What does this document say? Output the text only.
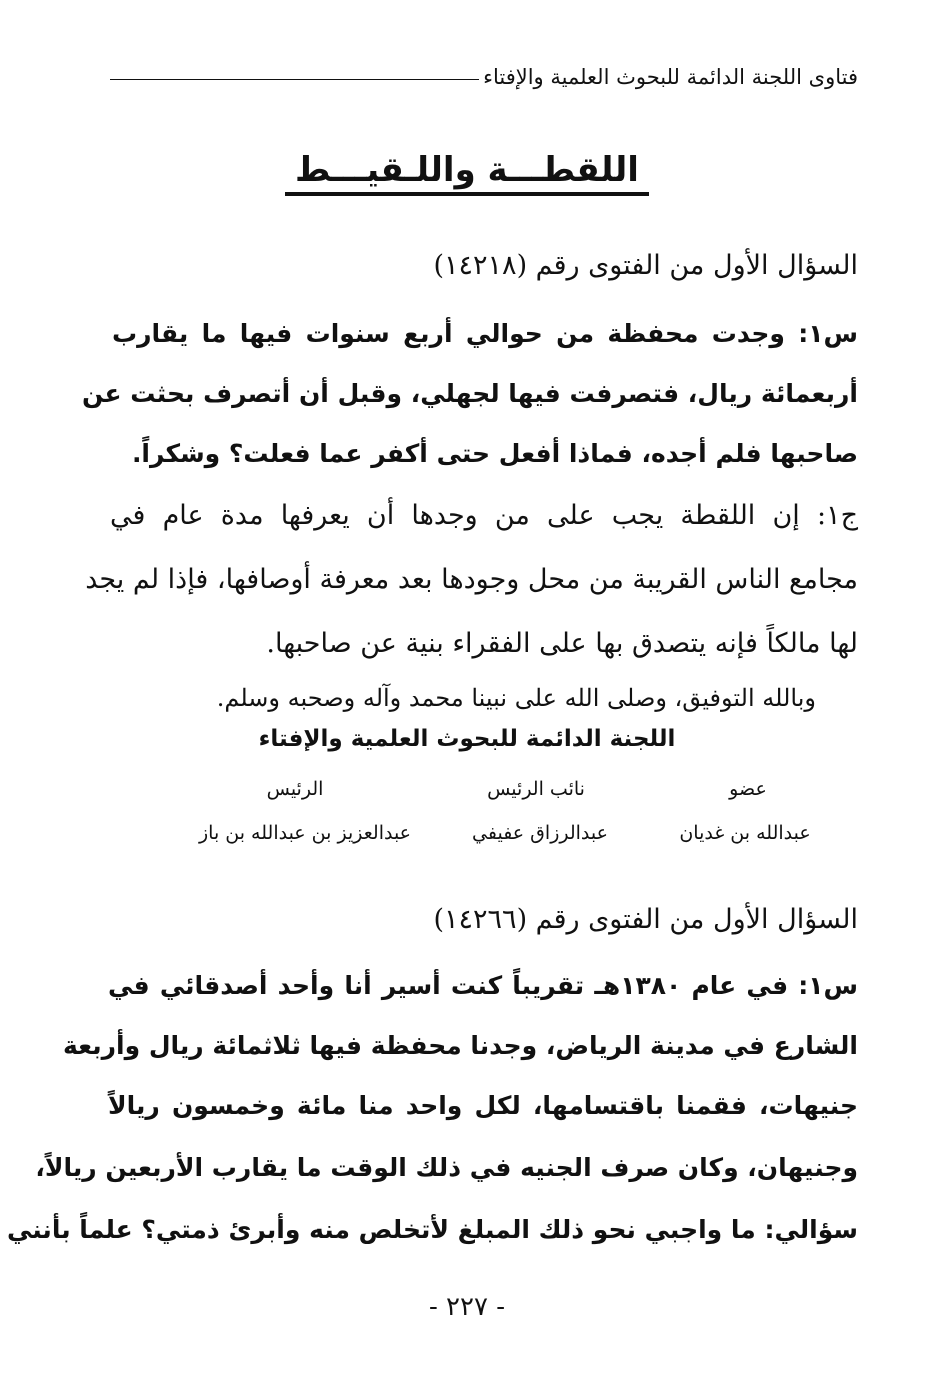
فتاوى اللجنة الدائمة للبحوث العلمية والإفتاء
اللقطـــة واللـقيـــط
السؤال الأول من الفتوى رقم (١٤٢١٨)
س١: وجدت محفظة من حوالي أربع سنوات فيها ما يقارب
أربعمائة ريال، فتصرفت فيها لجهلي، وقبل أن أتصرف بحثت عن
صاحبها فلم أجده، فماذا أفعل حتى أكفر عما فعلت؟ وشكراً.
ج١: إن اللقطة يجب على من وجدها أن يعرفها مدة عام في
مجامع الناس القريبة من محل وجودها بعد معرفة أوصافها، فإذا لم يجد
لها مالكاً فإنه يتصدق بها على الفقراء بنية عن صاحبها.
وبالله التوفيق، وصلى الله على نبينا محمد وآله وصحبه وسلم.
اللجنة الدائمة للبحوث العلمية والإفتاء
عضو
نائب الرئيس
الرئيس
عبدالله بن غديان
عبدالرزاق عفيفي
عبدالعزيز بن عبدالله بن باز
السؤال الأول من الفتوى رقم (١٤٢٦٦)
س١: في عام ١٣٨٠هـ تقريباً كنت أسير أنا وأحد أصدقائي في
الشارع في مدينة الرياض، وجدنا محفظة فيها ثلاثمائة ريال وأربعة
جنيهات، فقمنا باقتسامها، لكل واحد منا مائة وخمسون ريالاً
وجنيهان، وكان صرف الجنيه في ذلك الوقت ما يقارب الأربعين ريالاً،
سؤالي: ما واجبي نحو ذلك المبلغ لأتخلص منه وأبرئ ذمتي؟ علماً بأنني
- ٢٢٧ -
